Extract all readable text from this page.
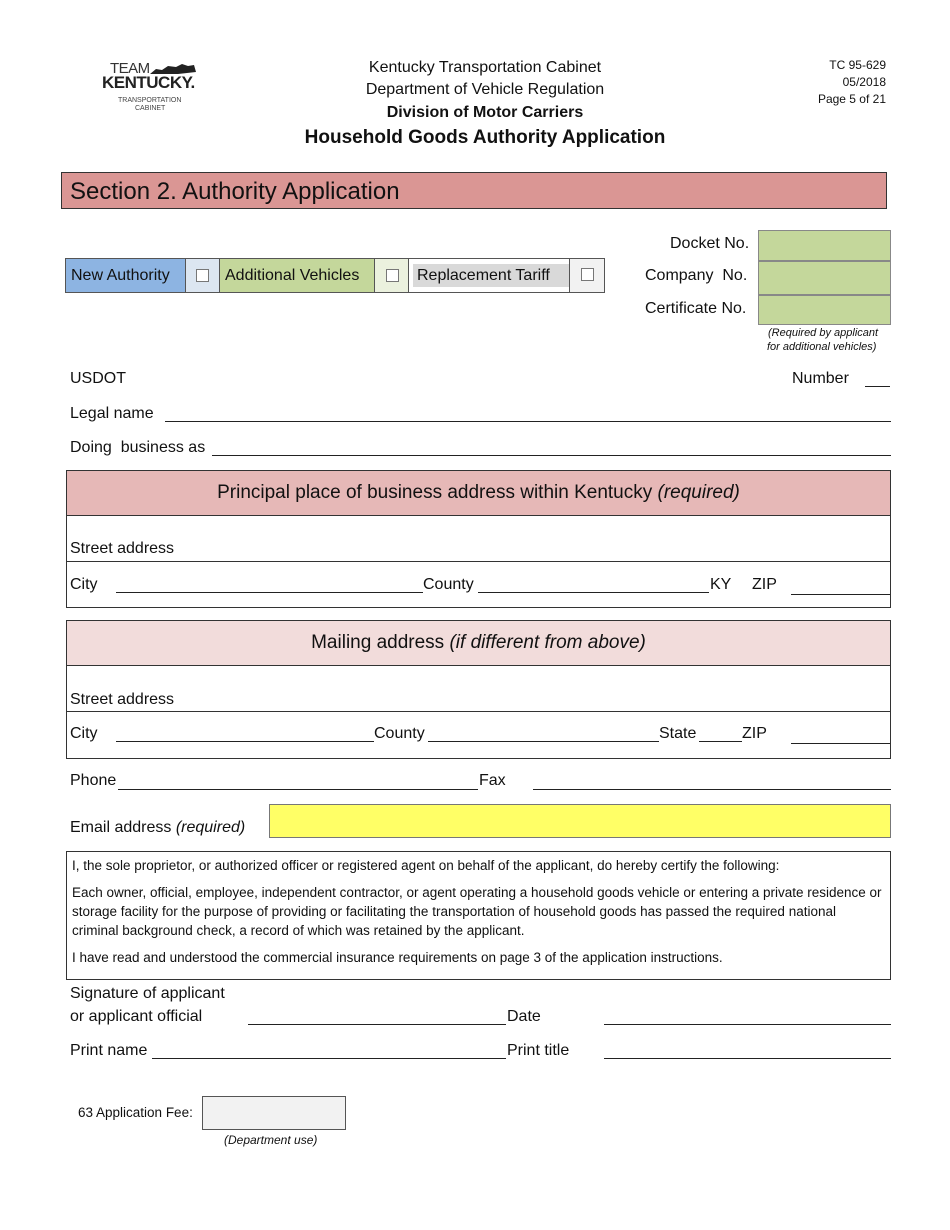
TEAM
KENTUCKY.
TRANSPORTATION
CABINET
Kentucky Transportation Cabinet
Department of Vehicle Regulation
Division of Motor Carriers
Household Goods Authority Application
TC 95-629
05/2018
Page 5 of 21
Section 2. Authority Application
New Authority	Additional Vehicles	Replacement Tariff
Docket No.
Company  No.
Certificate No.
(Required by applicant
for additional vehicles)
USDOT	Number
Legal name
Doing  business as
Principal place of business address within Kentucky (required)
Street address
City	County	KY ZIP
Mailing address (if different from above)
Street address
City	County	State	ZIP
Phone	Fax
Email address (required)

I, the sole proprietor, or authorized officer or registered agent on behalf of the applicant, do hereby certify the following:

Each owner, official, employee, independent contractor, or agent operating a household goods vehicle or entering a private residence or storage facility for the purpose of providing or facilitating the transportation of household goods has passed the required national criminal background check, a record of which was retained by the applicant.

I have read and understood the commercial insurance requirements on page 3 of the application instructions.

Signature of applicant
or applicant official	Date
Print name	Print title
63 Application Fee:
(Department use)
